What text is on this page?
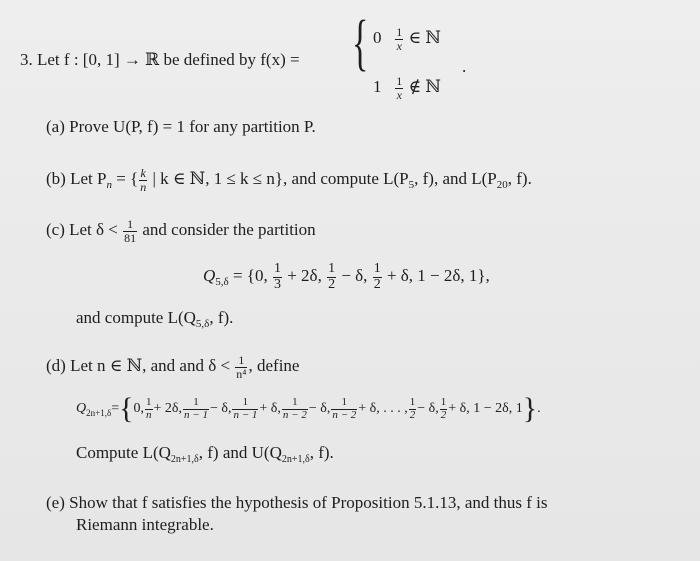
3. Let f : [0, 1] → ℝ be defined by f(x) = { $0 \frac{1}{x}$ ∈ ℕ
$1 \frac{1}{x}$ ∉ ℕ
.
(a) Prove U(P, f) = 1 for any partition P.
(b) Let $P_n$ = { $\frac{k}{n}$ | k ∈ ℕ, 1 ≤ k ≤ n}, and compute $L(P_5$, f), and $L(P_{20}$, f).
(c) Let $\delta < \frac{1}{81}$ and consider the partition
$Q_{5,\delta} = \{0$, $\frac{1}{3} + 2\delta$, $\frac{1}{2} - \delta$, $\frac{1}{2} + \delta$, 1 − 2δ, 1},
and compute $L(Q_{5,\delta}$, f).
(d) Let n ∈ ℕ, and and $\delta < \frac{1}{\text{n⁴}}$ , define
$Q_{2n+1,\delta}=\{0$, $\frac{1}{n} + 2\delta$, $\frac{1}{n - 1} - \delta$, $\frac{1}{n - 1} + \delta$, $\frac{1}{n - 2} - \delta$, $\frac{1}{n - 2} + \delta$, . . . , $\frac{1}{2} - \delta$, $\frac{1}{2} + \delta$, 1 − 2δ, 1}.
Compute $L(Q_{2n+1,\delta}$, f) and $U(Q_{2n+1,\delta}$, f).
(e) Show that f satisfies the hypothesis of Proposition 5.1.13, and thus f is
Riemann integrable.
